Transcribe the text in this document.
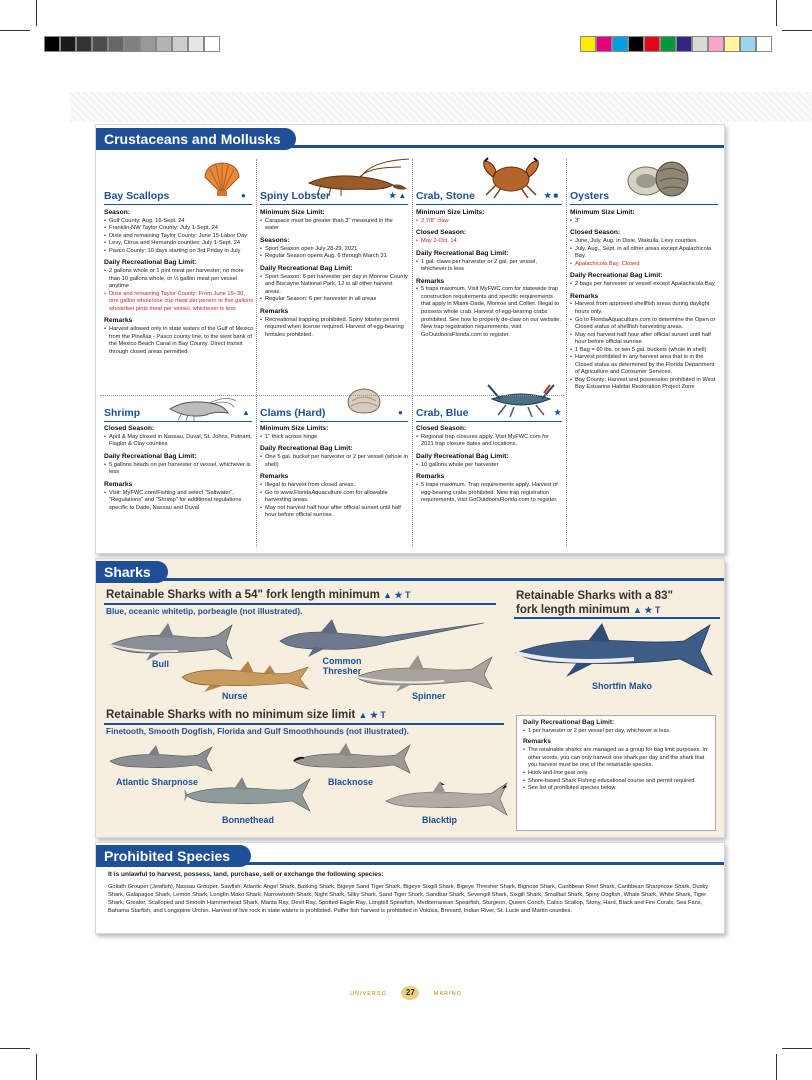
Crustaceans and Mollusks
Bay Scallops	●
Season:
• Gulf County: Aug. 16-Sept. 24
• Franklin-NW Taylor County: July 1-Sept. 24
• Dixie and remaining Taylor County: June 15-Labor Day
• Levy, Citrus and Hernando counties: July 1-Sept. 24
• Pasco County: 10 days starting on 3rd Friday in July
Daily Recreational Bag Limit:
• 2 gallons whole or 1 pint meat per harvester; no more than 10 gallons whole, or ½ gallon meat per vessel anytime
• Dixie and remaining Taylor County: From June 15–30, one gallon whole/one cup meat per person or five gallons whole/two pints meat per vessel, whichever is less
Remarks
• Harvest allowed only in state waters of the Gulf of Mexico from the Pinellas - Pasco county line, to the west bank of the Mexico Beach Canal in Bay County. Direct transit through closed areas permitted.
Spiny Lobster	★ ▲
Minimum Size Limit:
• Carapace must be greater than 3" measured in the water
Seasons:
• Sport Season open July 28-29, 2021
• Regular Season opens Aug. 6 through March 31
Daily Recreational Bag Limit:
• Sport Season: 6 per harvester per day in Monroe County and Biscayne National Park, 12 in all other harvest areas.
• Regular Season: 6 per harvester in all areas
Remarks
• Recreational trapping prohibited. Spiny lobster permit required when license required. Harvest of egg-bearing females prohibited.
Crab, Stone	★ ■
Minimum Size Limits:
• 2 7/8" claw
Closed Season:
• May 2-Oct. 14
Daily Recreational Bag Limit:
• 1 gal. claws per harvester or 2 gal. per vessel, whichever is less
Remarks
• 5 traps maximum. Visit MyFWC.com for statewide trap construction requirements and specific requirements that apply in Miami-Dade, Monroe and Collier. Illegal to possess whole crab. Harvest of egg-bearing crabs prohibited. See how to properly de-claw on our website. New trap registration requirements, visit GoOutdoorsFlorida.com to register.
Oysters
Minimum Size Limit:
• 3"
Closed Season:
• June, July, Aug. in Dixie, Wakulla, Levy counties.
• July, Aug., Sept. in all other areas except Apalachicola Bay.
• Apalachicola Bay: Closed
Daily Recreational Bag Limit:
• 2 bags per harvester or vessel except Apalachicola Bay
Remarks
• Harvest from approved shellfish areas during daylight hours only.
• Go to FloridaAquaculture.com to determine the Open or Closed status of shellfish harvesting areas.
• May not harvest half hour after official sunset until half hour before official sunrise.
• 1 Bag = 60 lbs. or two 5 gal. buckets (whole in shell)
• Harvest prohibited in any harvest area that is in the Closed status as determined by the Florida Department of Agriculture and Consumer Services.
• Bay County: Harvest and possession prohibited in West Bay Estuarine Habitat Restoration Project Zone
Shrimp	▲
Closed Season:
• April & May closed in Nassau, Duval, St. Johns, Putnam, Flagler & Clay counties
Daily Recreational Bag Limit:
• 5 gallons heads on per harvester or vessel, whichever is less
Remarks
• Visit: MyFWC.com/Fishing and select "Saltwater", "Regulations" and "Shrimp" for additional regulations specific to Dade, Nassau and Duval
Clams (Hard)	●
Minimum Size Limits:
• 1" thick across hinge
Daily Recreational Bag Limit:
• One 5 gal. bucket per harvester or 2 per vessel (whole in shell)
Remarks
• Illegal to harvest from closed areas.
• Go to www.FloridaAquaculture.com for allowable harvesting areas.
• May not harvest half hour after official sunset until half hour before official sunrise.
Crab, Blue	★
Closed Season:
• Regional trap closures apply. Visit MyFWC.com for 2021 trap closure dates and locations.
Daily Recreational Bag Limit:
• 10 gallons whole per harvester
Remarks
• 5 traps maximum. Trap requirements apply. Harvest of egg-bearing crabs prohibited. New trap registration requirements, visit GoOutdoorsFlorida.com to register.
Sharks
Retainable Sharks with a 54" fork length minimum ▲ ★ T
Blue, oceanic whitetip, porbeagle (not illustrated).
Retainable Sharks with a 83"
fork length minimum ▲ ★ T
Retainable Sharks with no minimum size limit ▲ ★ T
Finetooth, Smooth Dogfish, Florida and Gulf Smoothhounds (not illustrated).
Bull	Common Thresher
Nurse	Spinner
Shortfin Mako
Atlantic Sharpnose	Blacknose
Bonnethead	Blacktip
Daily Recreational Bag Limit:
• 1 per harvester or 2 per vessel per day, whichever is less.
Remarks
• The retainable sharks are managed as a group for bag limit purposes. In other words, you can only harvest one shark per day and the shark that you harvest must be one of the retainable species.
• Hook-and-line gear only.
• Shore-based Shark Fishing educational course and permit required.
• See list of prohibited species below.
Prohibited Species
It is unlawful to harvest, possess, land, purchase, sell or exchange the following species:
Goliath Grouper (Jewfish), Nassau Grouper, Sawfish, Atlantic Angel Shark, Basking Shark, Bigeye Sand Tiger Shark, Bigeye Sixgill Shark, Bigeye Thresher Shark, Bignose Shark, Caribbean Reef Shark, Caribbean Sharpnose Shark, Dusky Shark, Galapagos Shark, Lemon Shark, Longfin Mako Shark, Narrowtooth Shark, Night Shark, Silky Shark, Sand Tiger Shark, Sandbar Shark, Sevengill Shark, Sixgill Shark, Smalltail Shark, Spiny Dogfish, Whale Shark, White Shark, Tiger Shark, Greater, Scalloped and Smooth Hammerhead Shark, Manta Ray, Devil Ray, Spotted Eagle Ray, Longbill Spearfish, Mediterranean Spearfish, Sturgeon, Queen Conch, Calico Scallop, Stony, Hard, Black and Fire Corals, Sea Fans, Bahama Starfish, and Longspine Urchin. Harvest of live rock in state waters is prohibited. Puffer fish harvest is prohibited in Volusia, Brevard, Indian River, St. Lucie and Martin counties.
UNIVERSO 27	MARINO
